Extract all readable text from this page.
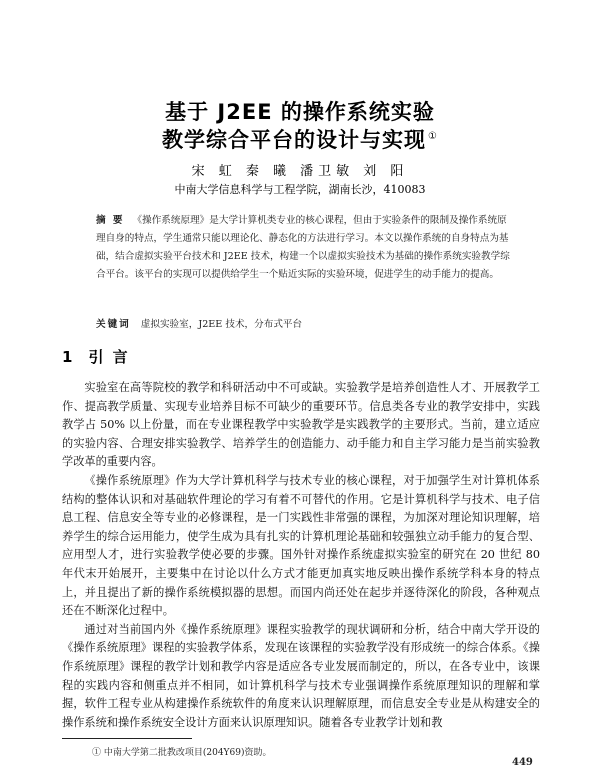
基于 J2EE 的操作系统实验
教学综合平台的设计与实现 ①
宋 虹 秦 曦 潘卫敏 刘 阳
中南大学信息科学与工程学院，湖南长沙，410083
摘 要 《操作系统原理》是大学计算机类专业的核心课程，但由于实验条件的限制及操作系统原理自身的特点，学生通常只能以理论化、静态化的方法进行学习。本文以操作系统的自身特点为基础，结合虚拟实验平台技术和 J2EE 技术，构建一个以虚拟实验技术为基础的操作系统实验教学综合平台。该平台的实现可以提供给学生一个贴近实际的实验环境，促进学生的动手能力的提高。
关键词 虚拟实验室，J2EE 技术，分布式平台
1 引 言

实验室在高等院校的教学和科研活动中不可或缺。实验教学是培养创造性人才、开展教学工作、提高教学质量、实现专业培养目标不可缺少的重要环节。信息类各专业的教学安排中，实践教学占 50% 以上份量，而在专业课程教学中实验教学是实践教学的主要形式。当前，建立适应的实验内容、合理安排实验教学、培养学生的创造能力、动手能力和自主学习能力是当前实验教学改革的重要内容。

《操作系统原理》作为大学计算机科学与技术专业的核心课程，对于加强学生对计算机体系结构的整体认识和对基础软件理论的学习有着不可替代的作用。它是计算机科学与技术、电子信息工程、信息安全等专业的必修课程，是一门实践性非常强的课程，为加深对理论知识理解，培养学生的综合运用能力，使学生成为具有扎实的计算机理论基础和较强独立动手能力的复合型、应用型人才，进行实验教学使必要的步骤。国外针对操作系统虚拟实验室的研究在 20 世纪 80 年代末开始展开，主要集中在讨论以什么方式才能更加真实地反映出操作系统学科本身的特点上，并且提出了新的操作系统模拟器的思想。而国内尚还处在起步并逐待深化的阶段，各种观点还在不断深化过程中。

通过对当前国内外《操作系统原理》课程实验教学的现状调研和分析，结合中南大学开设的《操作系统原理》课程的实验教学体系，发现在该课程的实验教学没有形成统一的综合体系。《操作系统原理》课程的教学计划和教学内容是适应各专业发展而制定的，所以，在各专业中，该课程的实践内容和侧重点并不相同，如计算机科学与技术专业强调操作系统原理知识的理解和掌握，软件工程专业从构建操作系统软件的角度来认识理解原理，而信息安全专业是从构建安全的操作系统和操作系统安全设计方面来认识原理知识。随着各专业教学计划和教

① 中南大学第二批教改项目(204Y69)资助。
449
